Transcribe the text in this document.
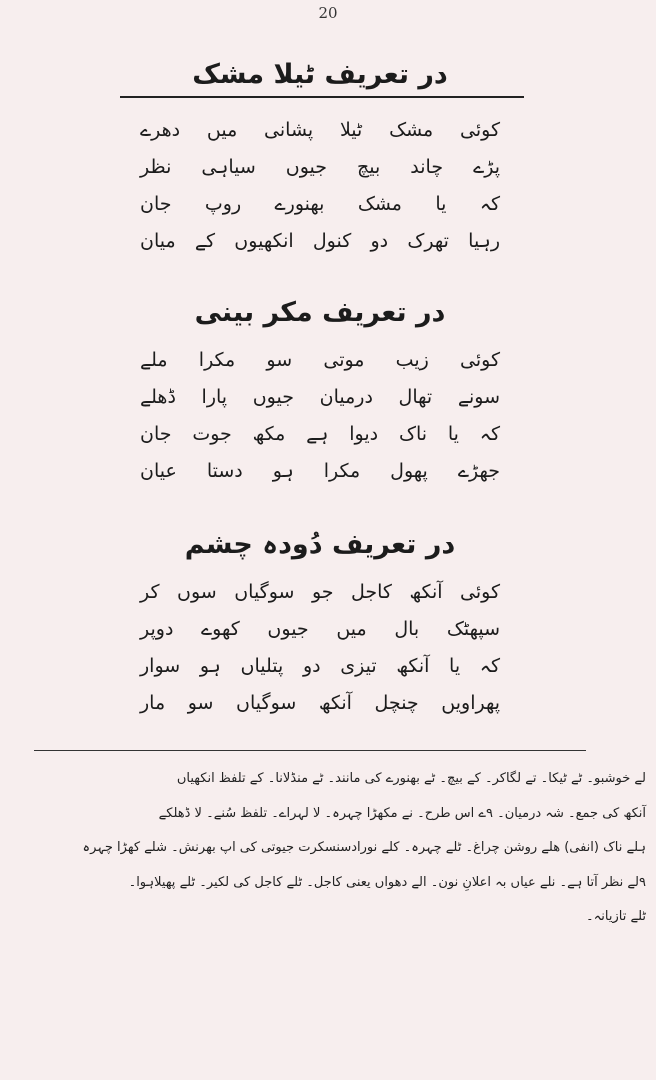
20
در تعریف ٹیلا مشک
کوئی مشک ٹیلا پشانی میں دھرے
پڑے چاند بیچ جیوں سیاہی نظر
کہ یا مشک بھنورے روپ جان
رہیا تھرک دو کنول انکھیوں کے میان
در تعریف مکر بینی
کوئی زیب موتی سو مکرا ملے
سونے تھال درمیان جیوں پارا ڈھلے
کہ یا ناک دیوا ہے مکھ جوت جان
جھڑے پھول مکرا ہو دستا عیان
در تعریف دُودہ چشم
کوئی آنکھ کاجل جو سوگیاں سوں کر
سپھٹک بال میں جیوں کھوے دوپر
کہ یا آنکھ تیزی دو پتلیاں ہو سوار
پھراویں چنچل آنکھ سوگیاں سو مار
لے خوشبو۔ ٹے ٹیکا۔ تے لگاکر۔ کے بیچ۔ ٹے بھنورے کی مانند۔ ٹے منڈلانا۔ کے تلفظ انکھیاں
آنکھ کی جمع۔ شہ درمیان۔ ۹ے اس طرح۔ نے مکھڑا چہرہ۔ لا لہراے۔ تلفظ سُنے۔ لا ڈھلکے
ہلے ناک (انفی) ھلے روشن چراغ۔ ٹلے چہرہ۔ کلے نورادسنسکرت جیوتی کی اپ بھرنش۔ شلے کھڑا چہرہ
۹لے نظر آتا ہے۔ نلے عیاں بہ اعلانِ نون۔ الے دھواں یعنی کاجل۔ ٹلے کاجل کی لکیر۔ ٹلے پھیلاہوا۔
ٹلے تازیانہ۔
